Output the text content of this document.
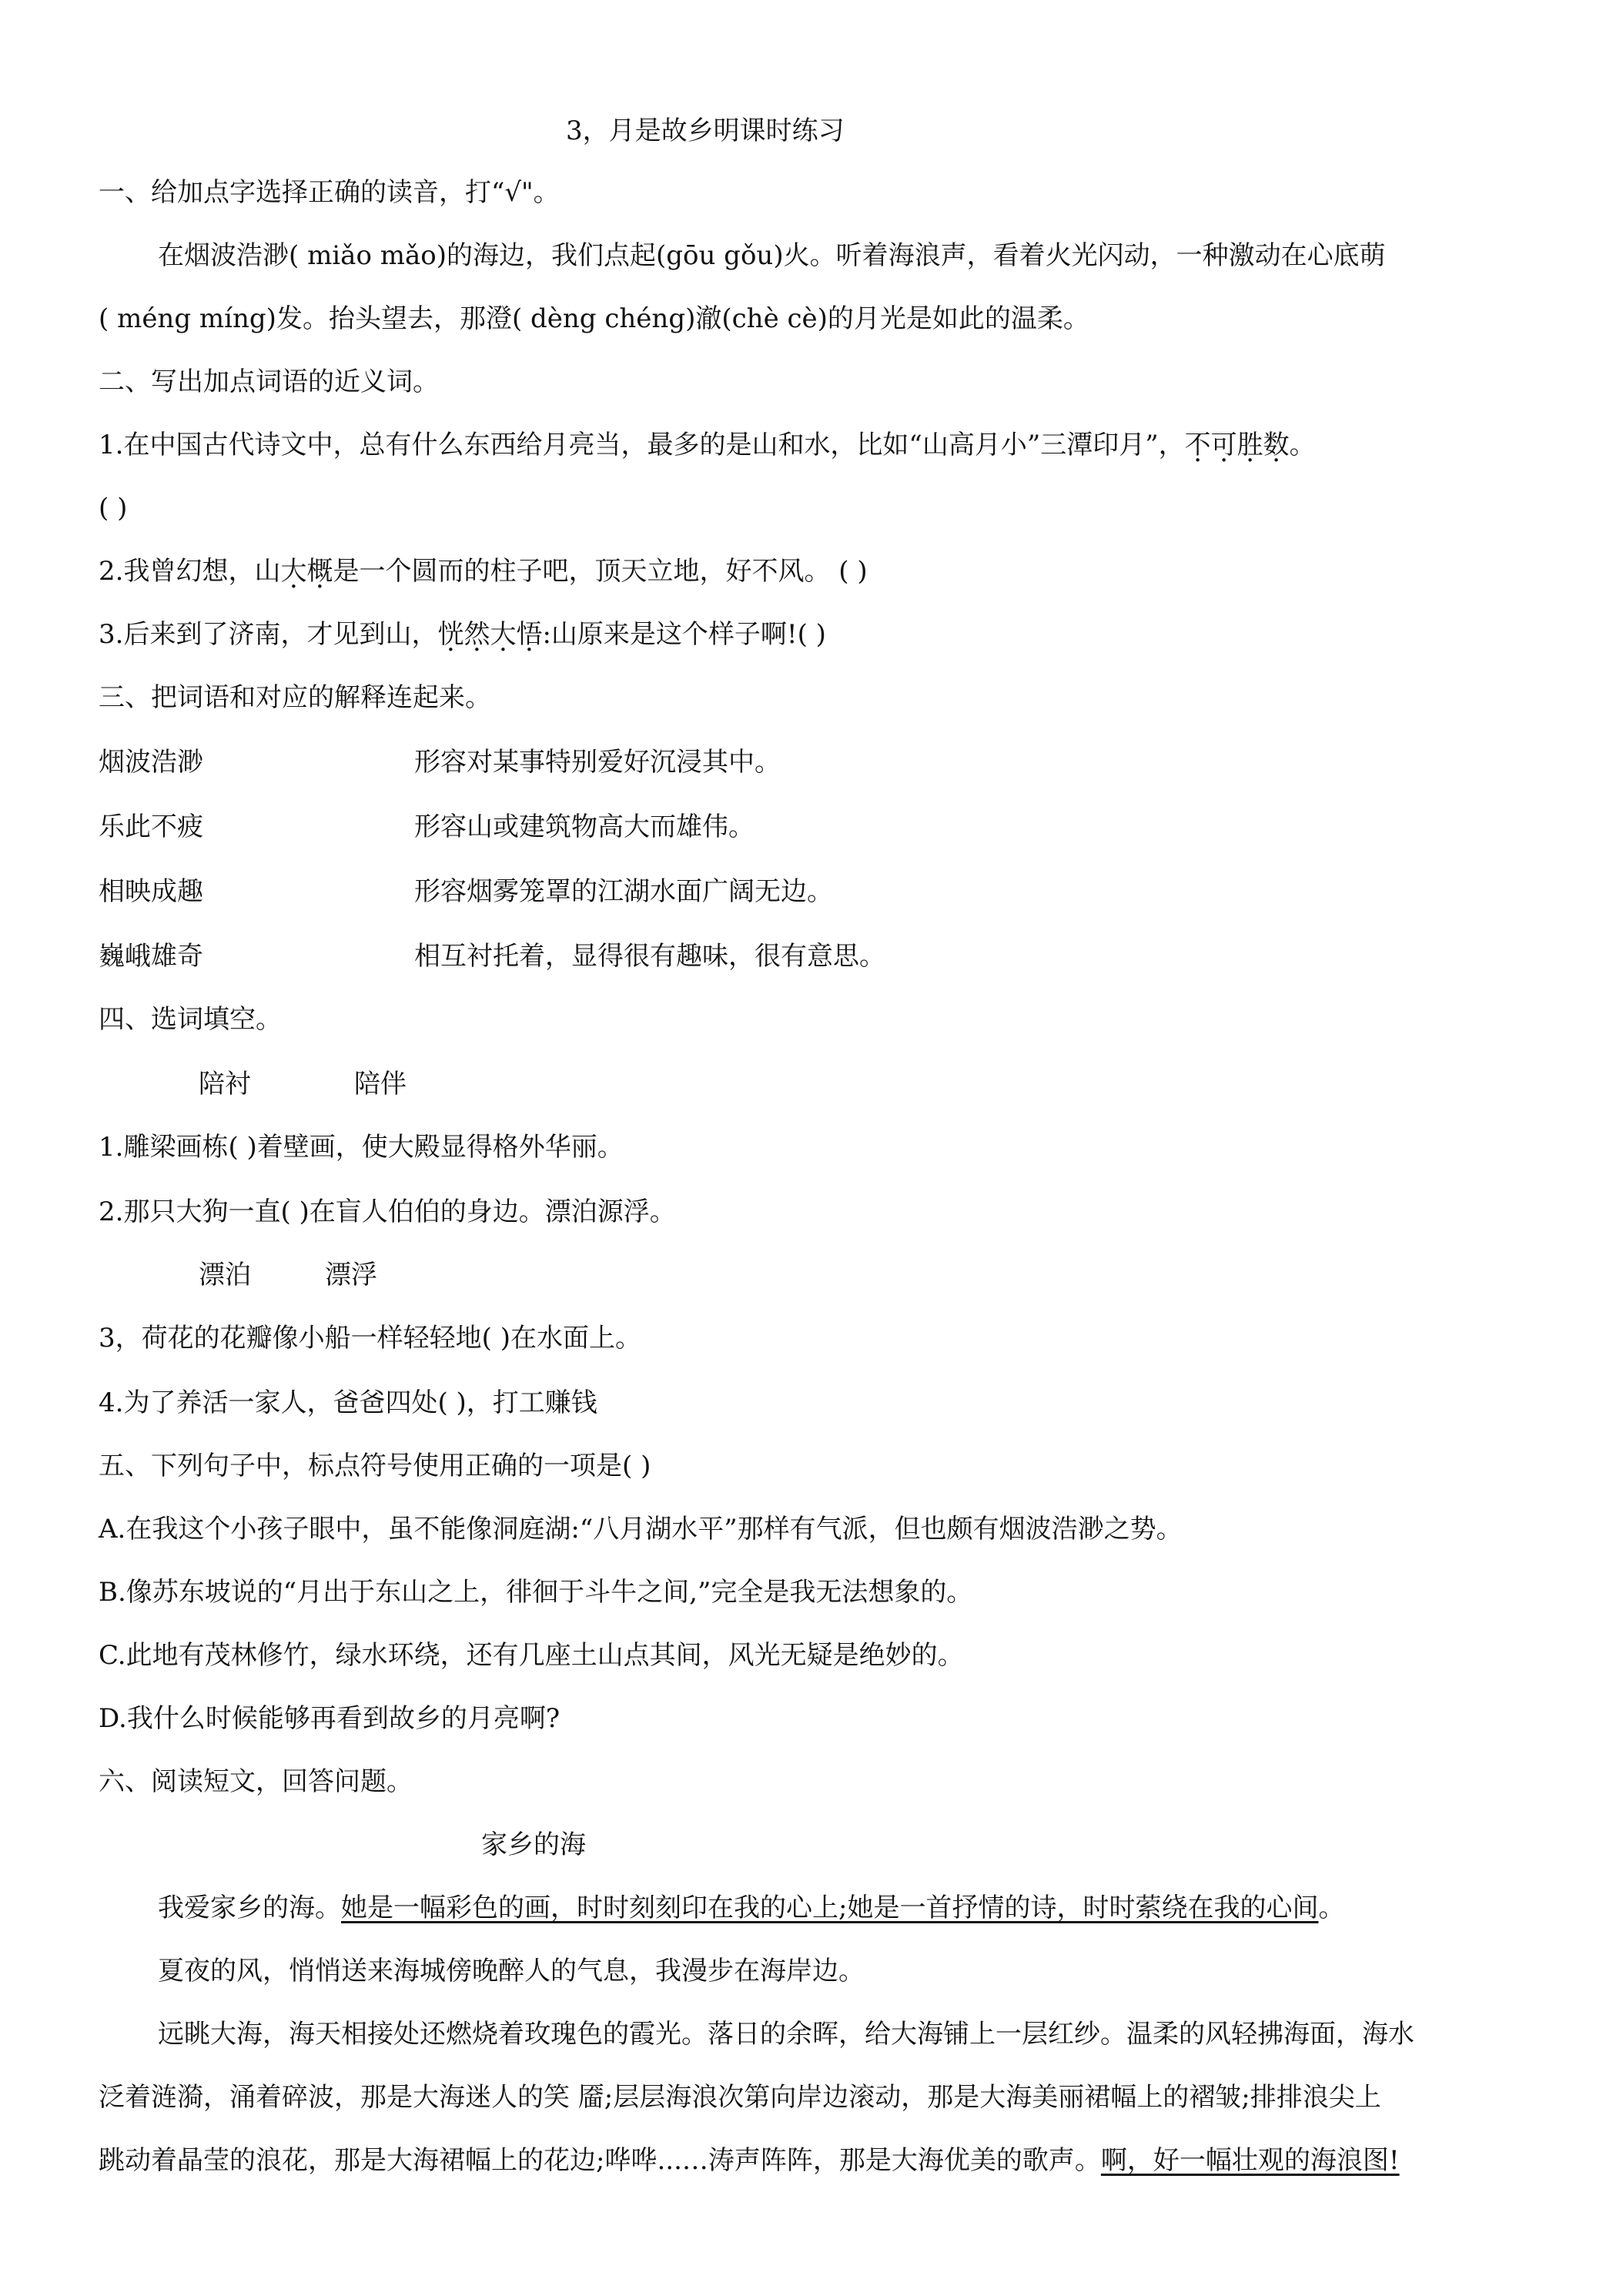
3，月是故乡明课时练习
一、给加点字选择正确的读音，打“√"。
在烟波浩渺( miǎo mǎo)的海边，我们点起(gōu gǒu)火。听着海浪声，看着火光闪动，一种激动在心底萌
( méng míng)发。抬头望去，那澄( dèng chéng)澈(chè cè)的月光是如此的温柔。
二、写出加点词语的近义词。
1.在中国古代诗文中，总有什么东西给月亮当，最多的是山和水，比如“山高月小”三潭印月”，不可胜数。
( )
2.我曾幻想，山大概是一个圆而的柱子吧，顶天立地，好不风。 ( )
3.后来到了济南，才见到山，恍然大悟:山原来是这个样子啊!( )
三、把词语和对应的解释连起来。
烟波浩渺	形容对某事特别爱好沉浸其中。
乐此不疲	形容山或建筑物高大而雄伟。
相映成趣	形容烟雾笼罩的江湖水面广阔无边。
巍峨雄奇	相互衬托着，显得很有趣味，很有意思。
四、选词填空。
陪衬	陪伴
1.雕梁画栋( )着壁画，使大殿显得格外华丽。
2.那只大狗一直( )在盲人伯伯的身边。漂泊源浮。
漂泊	漂浮
3，荷花的花瓣像小船一样轻轻地( )在水面上。
4.为了养活一家人，爸爸四处( )，打工赚钱
五、下列句子中，标点符号使用正确的一项是( )
A.在我这个小孩子眼中，虽不能像洞庭湖:“八月湖水平”那样有气派，但也颇有烟波浩渺之势。
B.像苏东坡说的“月出于东山之上，徘徊于斗牛之间,”完全是我无法想象的。
C.此地有茂林修竹，绿水环绕，还有几座土山点其间，风光无疑是绝妙的。
D.我什么时候能够再看到故乡的月亮啊?
六、阅读短文，回答问题。
家乡的海
我爱家乡的海。她是一幅彩色的画，时时刻刻印在我的心上;她是一首抒情的诗，时时萦绕在我的心间。
夏夜的风，悄悄送来海城傍晚醉人的气息，我漫步在海岸边。
远眺大海，海天相接处还燃烧着玫瑰色的霞光。落日的余晖，给大海铺上一层红纱。温柔的风轻拂海面，海水
泛着涟漪，涌着碎波，那是大海迷人的笑 靥;层层海浪次第向岸边滚动，那是大海美丽裙幅上的褶皱;排排浪尖上
跳动着晶莹的浪花，那是大海裙幅上的花边;哗哗...…涛声阵阵，那是大海优美的歌声。啊，好一幅壮观的海浪图!
